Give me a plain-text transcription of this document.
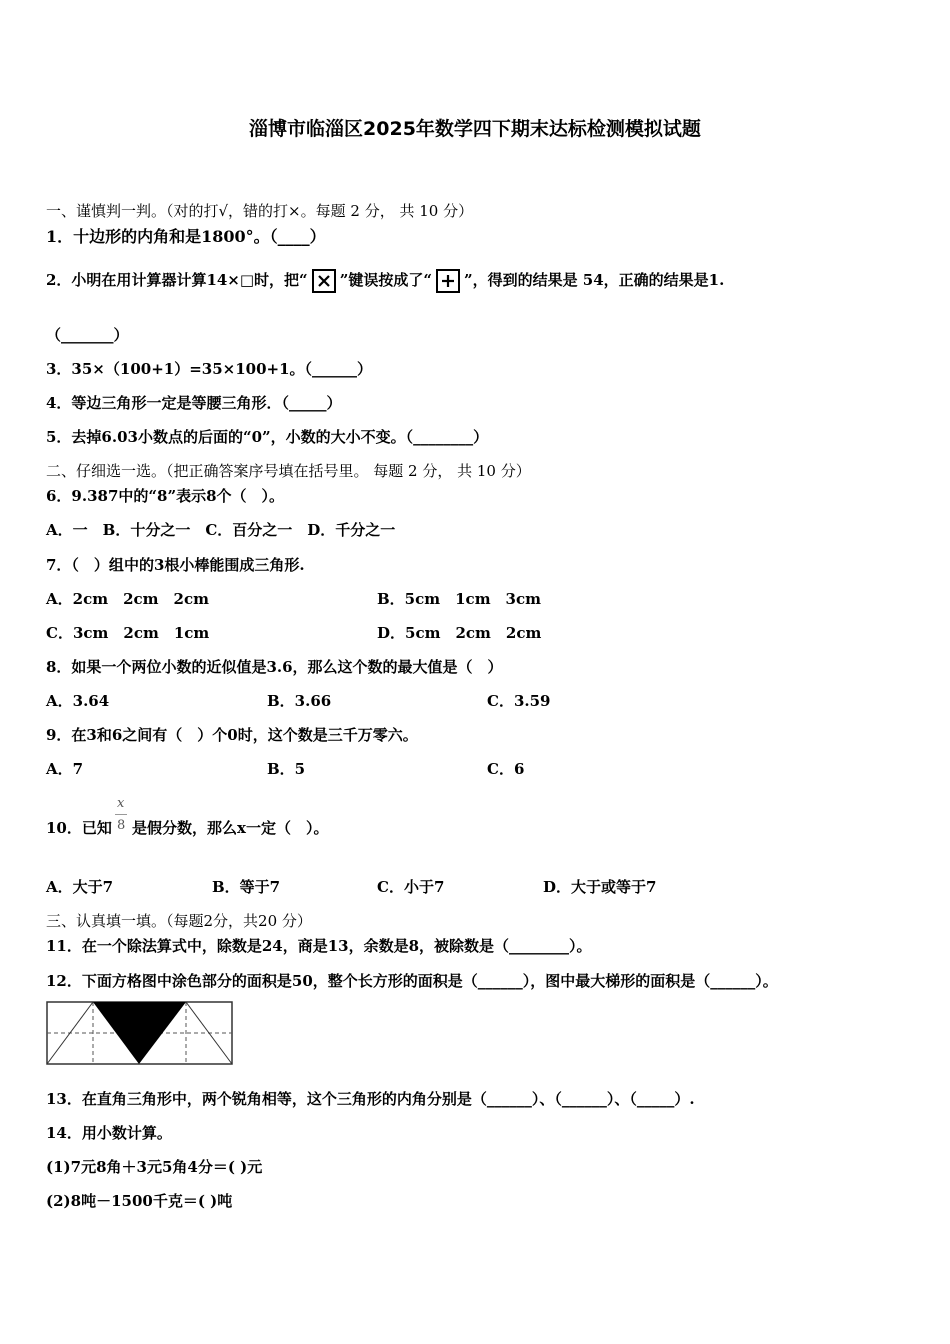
淄博市临淄区2025年数学四下期末达标检测模拟试题
一、谨慎判一判。（对的打√，错的打×。每题 2 分， 共 10 分）
1．十边形的内角和是1800°。（____）
2．小明在用计算器计算14×□时，把“ ”键误按成了“ ”，得到的结果是 54，正确的结果是1.
（_______）
3．35×（100+1）=35×100+1。（______）
4．等边三角形一定是等腰三角形．（_____）
5．去掉6.03小数点的后面的“0”，小数的大小不变。（________）
二、仔细选一选。（把正确答案序号填在括号里。 每题 2 分， 共 10 分）
6．9.387中的“8”表示8个（　）。
A．一　B．十分之一　C．百分之一　D．千分之一
7．（　）组中的3根小棒能围成三角形.
A．2cm　2cm　2cm	B．5cm　1cm　3cm
C．3cm　2cm　1cm	D．5cm　2cm　2cm
8．如果一个两位小数的近似值是3.6，那么这个数的最大值是（　）
A．3.64	B．3.66	C．3.59
9．在3和6之间有（　）个0时，这个数是三千万零六。
A．7	B．5	C．6
x
8
10．已知 是假分数，那么x一定（　）。
A．大于7	B．等于7	C．小于7	D．大于或等于7
三、认真填一填。（每题2分，共20 分）
11．在一个除法算式中，除数是24，商是13，余数是8，被除数是（________）。
12．下面方格图中涂色部分的面积是50，整个长方形的面积是（______），图中最大梯形的面积是（______）。
13．在直角三角形中，两个锐角相等，这个三角形的内角分别是（______）、（______）、（_____）.
14．用小数计算。
(1)7元8角＋3元5角4分＝( )元
(2)8吨－1500千克＝( )吨
